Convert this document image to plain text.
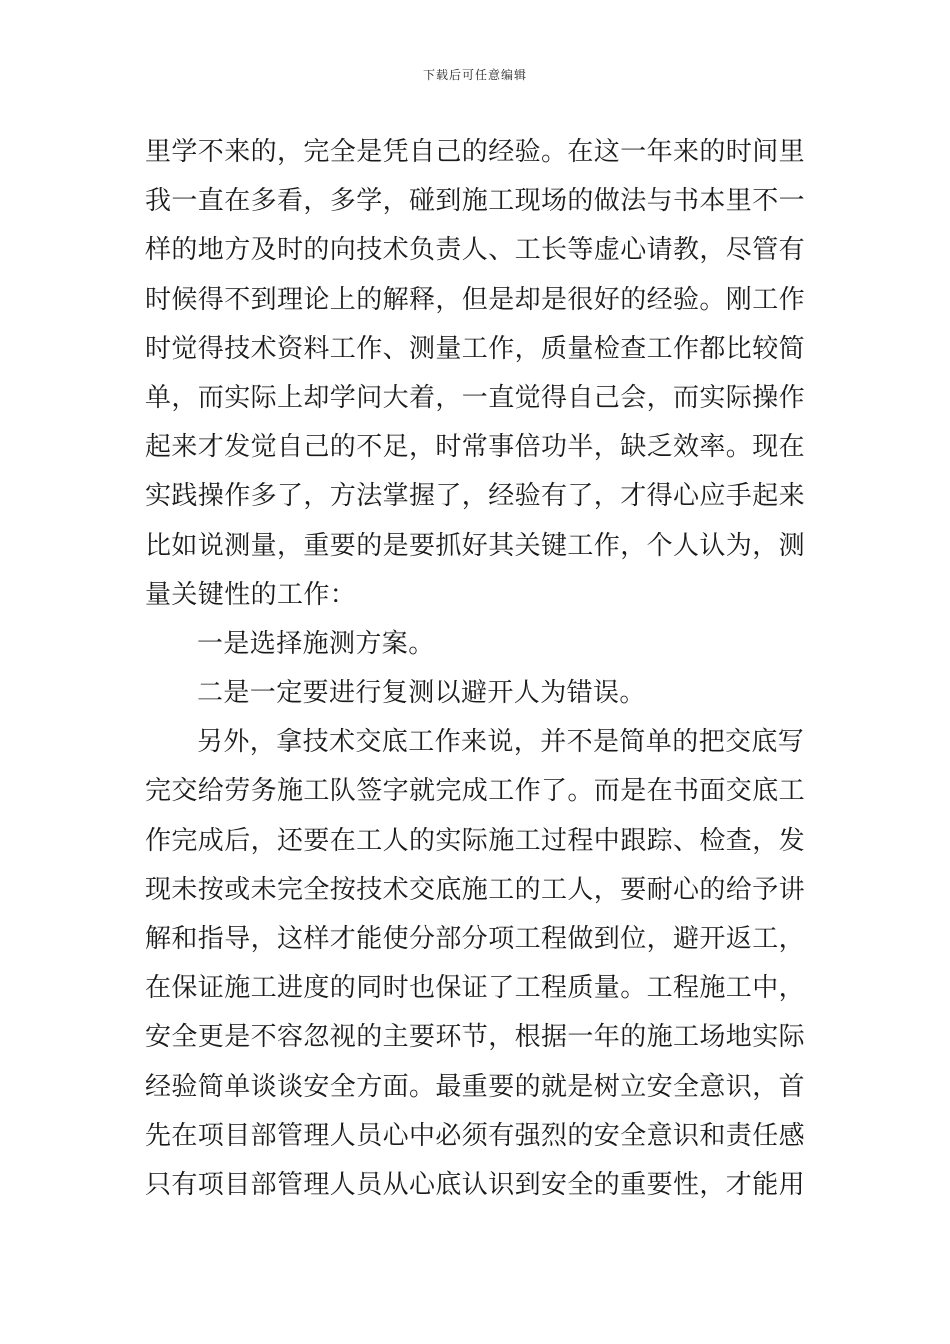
下载后可任意编辑
里学不来的，完全是凭自己的经验。在这一年来的时间里
我一直在多看，多学，碰到施工现场的做法与书本里不一
样的地方及时的向技术负责人、工长等虚心请教，尽管有
时候得不到理论上的解释，但是却是很好的经验。刚工作
时觉得技术资料工作、测量工作，质量检查工作都比较简
单，而实际上却学问大着，一直觉得自己会，而实际操作
起来才发觉自己的不足，时常事倍功半，缺乏效率。现在
实践操作多了，方法掌握了，经验有了，才得心应手起来
比如说测量，重要的是要抓好其关键工作，个人认为，测
量关键性的工作：
一是选择施测方案。
二是一定要进行复测以避开人为错误。
另外，拿技术交底工作来说，并不是简单的把交底写
完交给劳务施工队签字就完成工作了。而是在书面交底工
作完成后，还要在工人的实际施工过程中跟踪、检查，发
现未按或未完全按技术交底施工的工人，要耐心的给予讲
解和指导，这样才能使分部分项工程做到位，避开返工，
在保证施工进度的同时也保证了工程质量。工程施工中，
安全更是不容忽视的主要环节，根据一年的施工场地实际
经验简单谈谈安全方面。最重要的就是树立安全意识，首
先在项目部管理人员心中必须有强烈的安全意识和责任感
只有项目部管理人员从心底认识到安全的重要性，才能用
